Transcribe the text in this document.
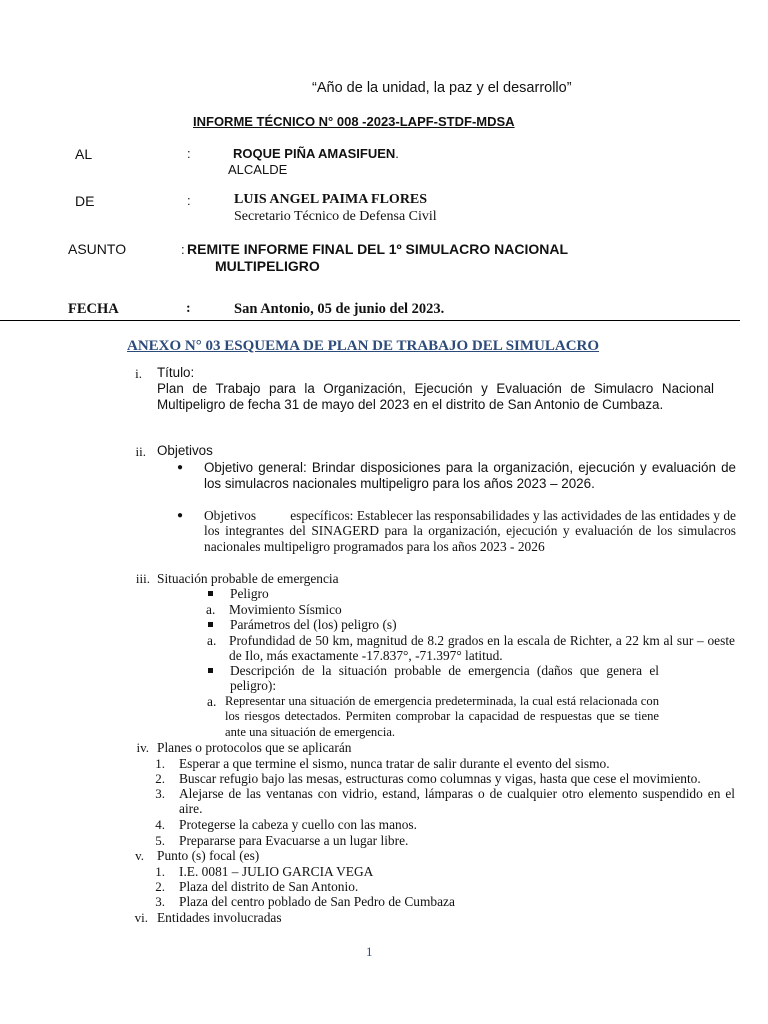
“Año de la unidad, la paz y el desarrollo”
INFORME TÉCNICO N° 008 -2023-LAPF-STDF-MDSA
AL	:	ROQUE PIÑA AMASIFUEN.
ALCALDE
DE	:	LUIS ANGEL PAIMA FLORES
Secretario Técnico de Defensa Civil
ASUNTO	: REMITE INFORME FINAL DEL 1º SIMULACRO NACIONAL
MULTIPELIGRO
FECHA	:	San Antonio, 05 de junio del 2023.
ANEXO N° 03 ESQUEMA DE PLAN DE TRABAJO DEL SIMULACRO
i. Título:
Plan de Trabajo para la Organización, Ejecución y Evaluación de Simulacro Nacional Multipeligro de fecha 31 de mayo del 2023 en el distrito de San Antonio de Cumbaza.
ii. Objetivos
● Objetivo general: Brindar disposiciones para la organización, ejecución y evaluación de los simulacros nacionales multipeligro para los años 2023 – 2026.
● Objetivos          específicos: Establecer las responsabilidades y las actividades de las entidades y de los integrantes del SINAGERD para la organización, ejecución y evaluación de los simulacros nacionales multipeligro programados para los años 2023 - 2026
iii. Situación probable de emergencia
Peligro
a. Movimiento Sísmico
Parámetros del (los) peligro (s)
a. Profundidad de 50 km, magnitud de 8.2 grados en la escala de Richter, a 22 km al sur – oeste de Ilo, más exactamente -17.837°, -71.397° latitud.
Descripción de la situación probable de emergencia (daños que genera el peligro):
a. Representar una situación de emergencia predeterminada, la cual está relacionada con los riesgos detectados. Permiten comprobar la capacidad de respuestas que se tiene ante una situación de emergencia.
iv. Planes o protocolos que se aplicarán
1. Esperar a que termine el sismo, nunca tratar de salir durante el evento del sismo.
2. Buscar refugio bajo las mesas, estructuras como columnas y vigas, hasta que cese el movimiento.
3. Alejarse de las ventanas con vidrio, estand, lámparas o de cualquier otro elemento suspendido en el aire.
4. Protegerse la cabeza y cuello con las manos.
5. Prepararse para Evacuarse a un lugar libre.
v. Punto (s) focal (es)
1. I.E. 0081 – JULIO GARCIA VEGA
2. Plaza del distrito de San Antonio.
3. Plaza del centro poblado de San Pedro de Cumbaza
vi. Entidades involucradas
1
